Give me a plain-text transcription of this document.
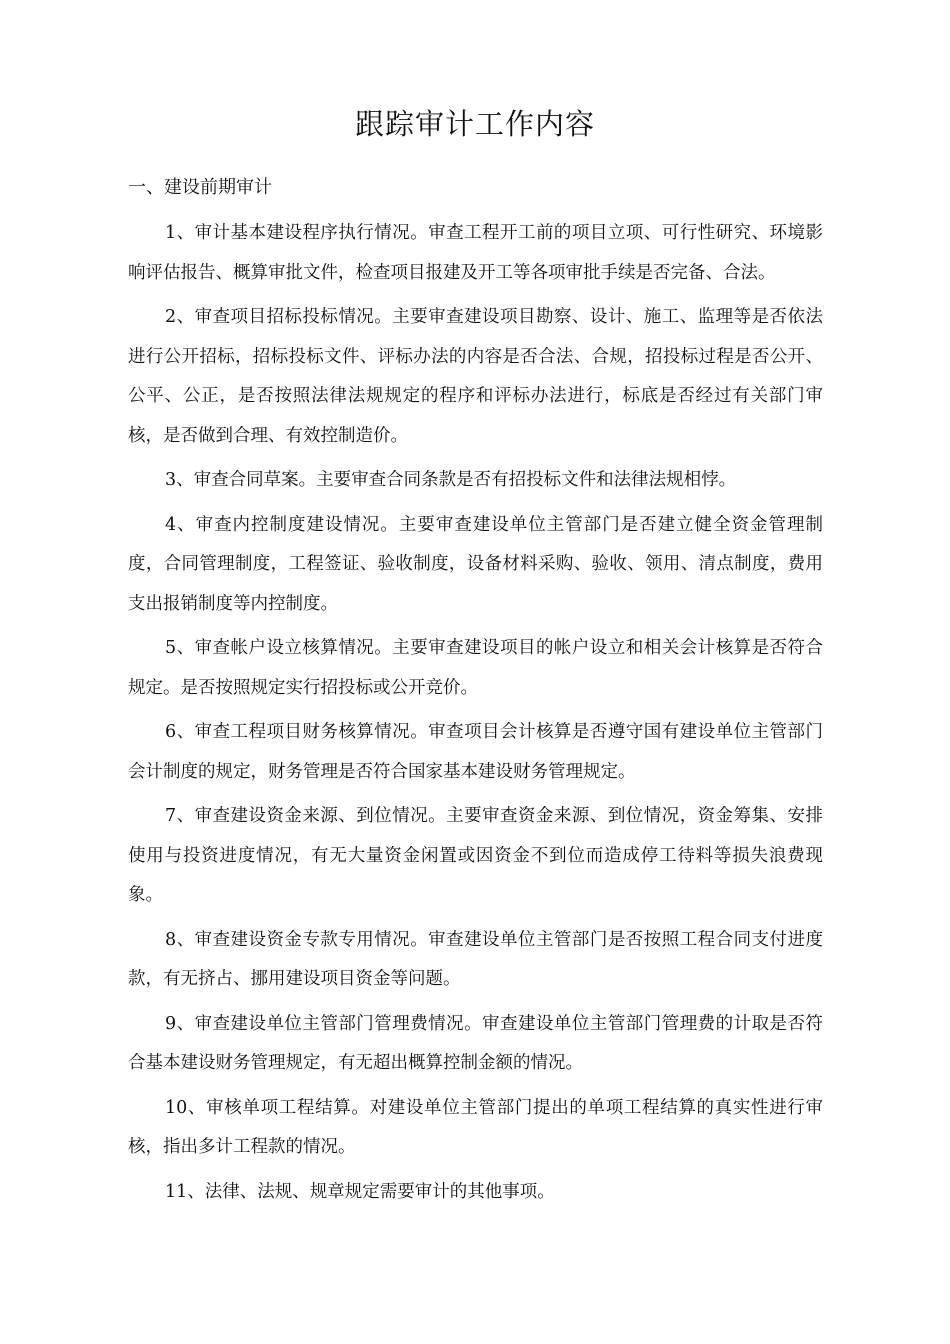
跟踪审计工作内容
一、建设前期审计

1、审计基本建设程序执行情况。审查工程开工前的项目立项、可行性研究、环境影响评估报告、概算审批文件，检查项目报建及开工等各项审批手续是否完备、合法。

2、审查项目招标投标情况。主要审查建设项目勘察、设计、施工、监理等是否依法进行公开招标，招标投标文件、评标办法的内容是否合法、合规，招投标过程是否公开、公平、公正，是否按照法律法规规定的程序和评标办法进行，标底是否经过有关部门审核，是否做到合理、有效控制造价。

3、审查合同草案。主要审查合同条款是否有招投标文件和法律法规相悖。

4、审查内控制度建设情况。主要审查建设单位主管部门是否建立健全资金管理制度，合同管理制度，工程签证、验收制度，设备材料采购、验收、领用、清点制度，费用支出报销制度等内控制度。

5、审查帐户设立核算情况。主要审查建设项目的帐户设立和相关会计核算是否符合规定。是否按照规定实行招投标或公开竞价。

6、审查工程项目财务核算情况。审查项目会计核算是否遵守国有建设单位主管部门会计制度的规定，财务管理是否符合国家基本建设财务管理规定。

7、审查建设资金来源、到位情况。主要审查资金来源、到位情况，资金筹集、安排使用与投资进度情况，有无大量资金闲置或因资金不到位而造成停工待料等损失浪费现象。

8、审查建设资金专款专用情况。审查建设单位主管部门是否按照工程合同支付进度款，有无挤占、挪用建设项目资金等问题。

9、审查建设单位主管部门管理费情况。审查建设单位主管部门管理费的计取是否符合基本建设财务管理规定，有无超出概算控制金额的情况。

10、审核单项工程结算。对建设单位主管部门提出的单项工程结算的真实性进行审核，指出多计工程款的情况。

11、法律、法规、规章规定需要审计的其他事项。
